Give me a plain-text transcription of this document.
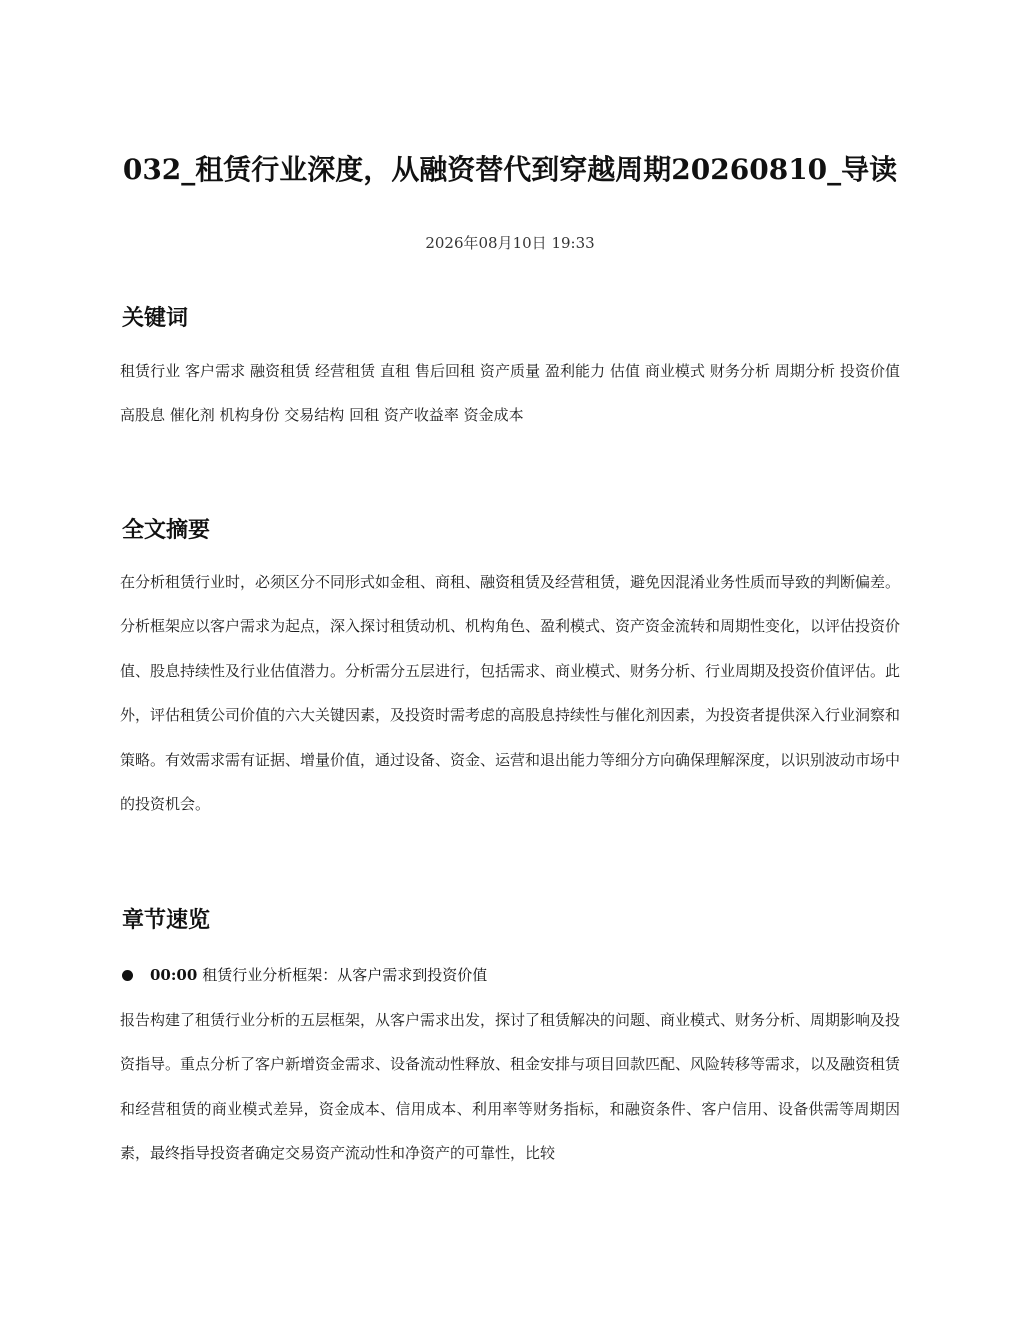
032_租赁行业深度，从融资替代到穿越周期20260810_导读
2026年08月10日 19:33
关键词

租赁行业 客户需求 融资租赁 经营租赁 直租 售后回租 资产质量 盈利能力 估值 商业模式 财务分析 周期分析 投资价值 高股息 催化剂 机构身份 交易结构 回租 资产收益率 资金成本

全文摘要

在分析租赁行业时，必须区分不同形式如金租、商租、融资租赁及经营租赁，避免因混淆业务性质而导致的判断偏差。分析框架应以客户需求为起点，深入探讨租赁动机、机构角色、盈利模式、资产资金流转和周期性变化，以评估投资价值、股息持续性及行业估值潜力。分析需分五层进行，包括需求、商业模式、财务分析、行业周期及投资价值评估。此外，评估租赁公司价值的六大关键因素，及投资时需考虑的高股息持续性与催化剂因素，为投资者提供深入行业洞察和策略。有效需求需有证据、增量价值，通过设备、资金、运营和退出能力等细分方向确保理解深度，以识别波动市场中的投资机会。

章节速览
00:00 租赁行业分析框架：从客户需求到投资价值

报告构建了租赁行业分析的五层框架，从客户需求出发，探讨了租赁解决的问题、商业模式、财务分析、周期影响及投资指导。重点分析了客户新增资金需求、设备流动性释放、租金安排与项目回款匹配、风险转移等需求，以及融资租赁和经营租赁的商业模式差异，资金成本、信用成本、利用率等财务指标，和融资条件、客户信用、设备供需等周期因素，最终指导投资者确定交易资产流动性和净资产的可靠性，比较
